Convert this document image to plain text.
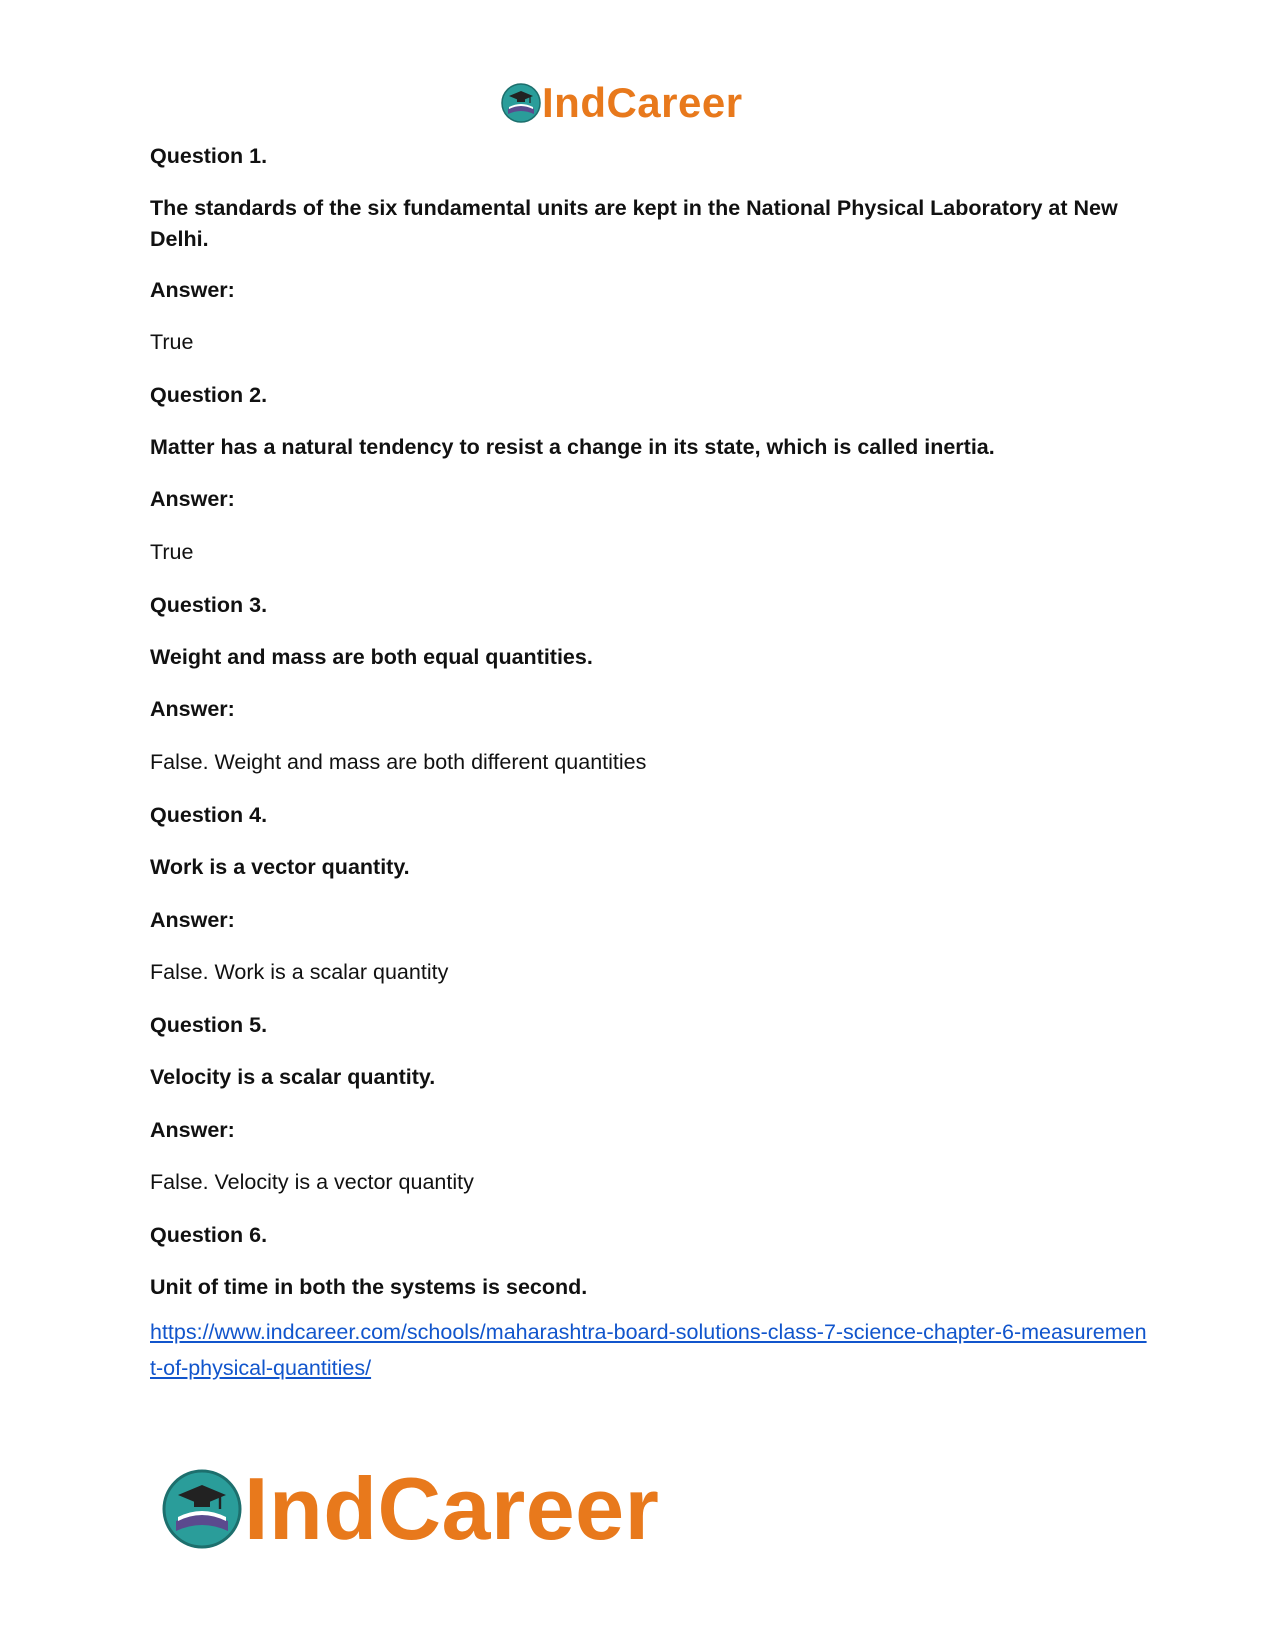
IndCareer

Question 1.

The standards of the six fundamental units are kept in the National Physical Laboratory at New Delhi.

Answer:

True

Question 2.

Matter has a natural tendency to resist a change in its state, which is called inertia.

Answer:

True

Question 3.

Weight and mass are both equal quantities.

Answer:

False. Weight and mass are both different quantities

Question 4.

Work is a vector quantity.

Answer:

False. Work is a scalar quantity

Question 5.

Velocity is a scalar quantity.

Answer:

False. Velocity is a vector quantity

Question 6.

Unit of time in both the systems is second.

https://www.indcareer.com/schools/maharashtra-board-solutions-class-7-science-chapter-6-measurement-of-physical-quantities/
IndCareer
